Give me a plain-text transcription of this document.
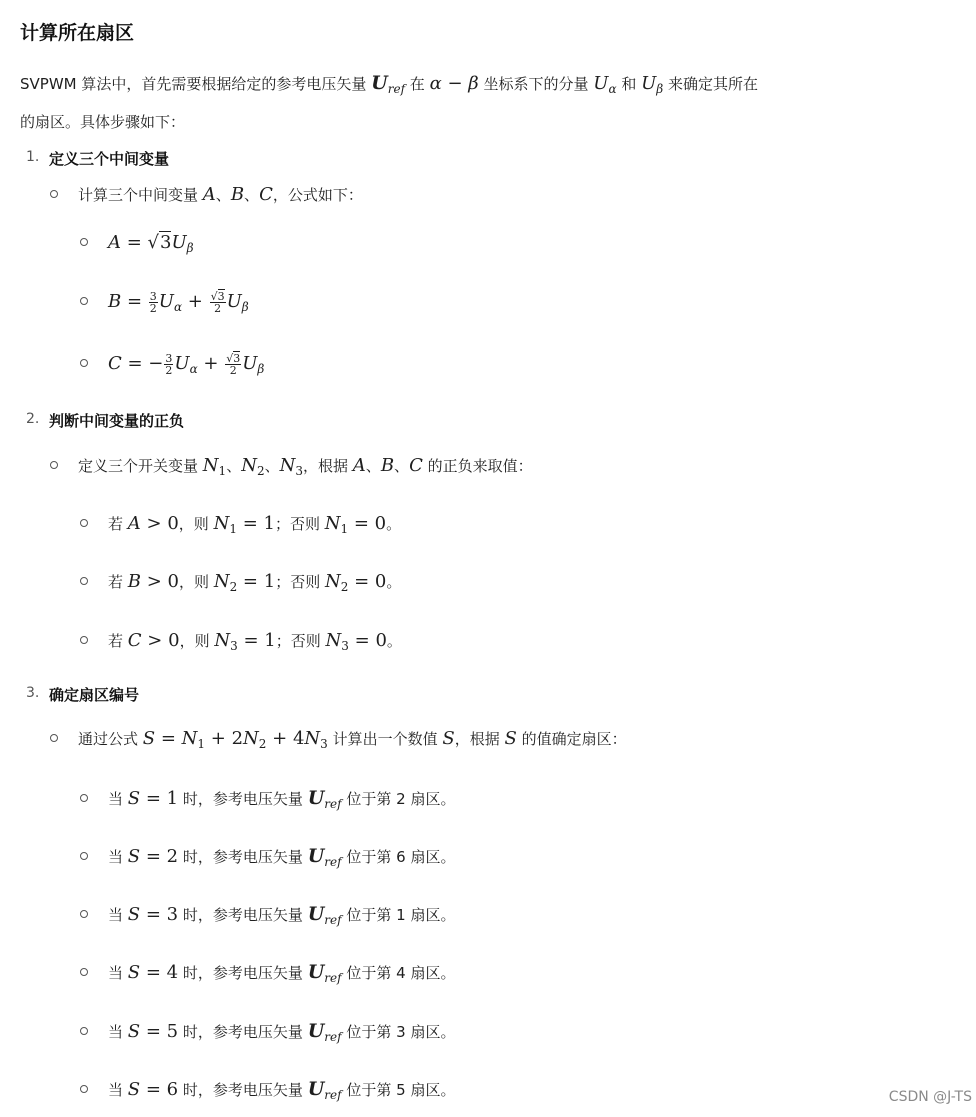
计算所在扇区
SVPWM 算法中，首先需要根据给定的参考电压矢量 $U_{ref}$ 在 α − β 坐标系下的分量 $U_\alpha$ 和 $U_\beta$ 来确定其所在
的扇区。具体步骤如下：
1. 定义三个中间变量
计算三个中间变量 A、B、C，公式如下：
$A = √3U_\beta$
$B = \frac{3}{2} U_\alpha + \frac{√3}{2} U_\beta$
C = − $\frac{3}{2} U_\alpha + \frac{√3}{2} U_\beta$
2. 判断中间变量的正负
定义三个开关变量 $N_1$、$N_2$、$N_3$，根据 A、B、C 的正负来取值：
若 A > 0，则 $N_1 = 1$；否则 $N_1 = 0$。
若 B > 0，则 $N_2 = 1$；否则 $N_2 = 0$。
若 C > 0，则 $N_3 = 1$；否则 $N_3 = 0$。
3. 确定扇区编号
通过公式 $S = N_1 + 2N_2 + 4N_3$ 计算出一个数值 S，根据 S 的值确定扇区：
当 S = 1 时，参考电压矢量 $U_{ref}$ 位于第 2 扇区。
当 S = 2 时，参考电压矢量 $U_{ref}$ 位于第 6 扇区。
当 S = 3 时，参考电压矢量 $U_{ref}$ 位于第 1 扇区。
当 S = 4 时，参考电压矢量 $U_{ref}$ 位于第 4 扇区。
当 S = 5 时，参考电压矢量 $U_{ref}$ 位于第 3 扇区。
当 S = 6 时，参考电压矢量 $U_{ref}$ 位于第 5 扇区。	CSDN @J-TS
